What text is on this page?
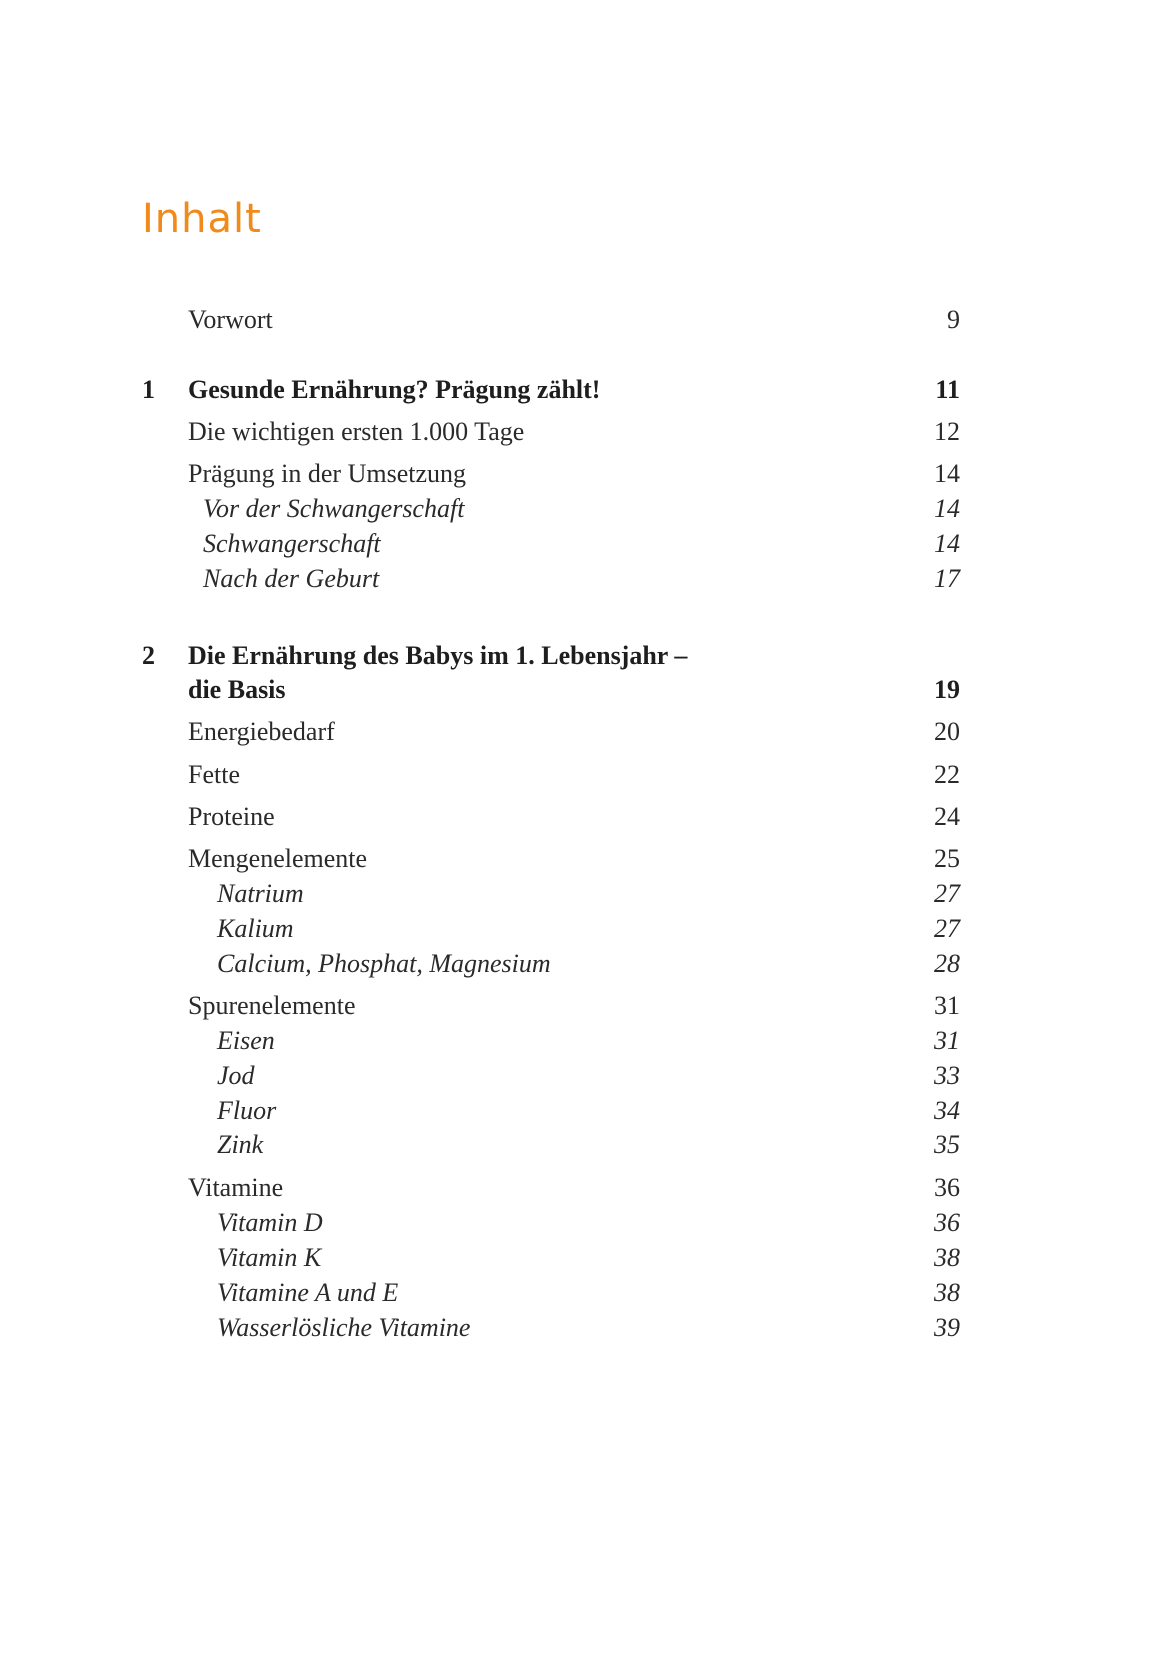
Inhalt
Vorwort	9
1 Gesunde Ernährung? Prägung zählt!	11
Die wichtigen ersten 1.000 Tage	12
Prägung in der Umsetzung	14
Vor der Schwangerschaft	14
Schwangerschaft	14
Nach der Geburt	17
2 Die Ernährung des Babys im 1. Lebensjahr –
die Basis	19
Energiebedarf	20
Fette	22
Proteine	24
Mengenelemente	25
Natrium	27
Kalium	27
Calcium, Phosphat, Magnesium	28
Spurenelemente	31
Eisen	31
Jod	33
Fluor	34
Zink	35
Vitamine	36
Vitamin D	36
Vitamin K	38
Vitamine A und E	38
Wasserlösliche Vitamine	39
